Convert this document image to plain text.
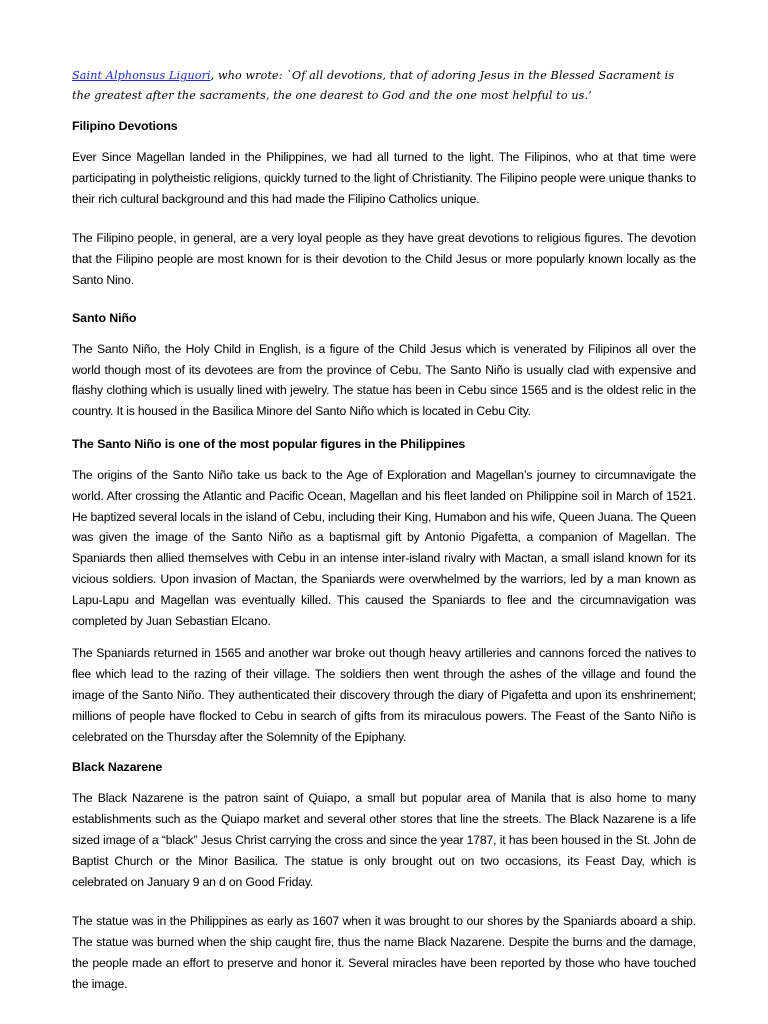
Saint Alphonsus Liguori, who wrote: `Of all devotions, that of adoring Jesus in the Blessed Sacrament is the greatest after the sacraments, the one dearest to God and the one most helpful to us.’
Filipino Devotions

Ever Since Magellan landed in the Philippines, we had all turned to the light. The Filipinos, who at that time were participating in polytheistic religions, quickly turned to the light of Christianity. The Filipino people were unique thanks to their rich cultural background and this had made the Filipino Catholics unique.

The Filipino people, in general, are a very loyal people as they have great devotions to religious figures. The devotion that the Filipino people are most known for is their devotion to the Child Jesus or more popularly known locally as the Santo Nino.

Santo Niño

The Santo Niño, the Holy Child in English, is a figure of the Child Jesus which is venerated by Filipinos all over the world though most of its devotees are from the province of Cebu. The Santo Niño is usually clad with expensive and flashy clothing which is usually lined with jewelry. The statue has been in Cebu since 1565 and is the oldest relic in the country. It is housed in the Basilica Minore del Santo Niño which is located in Cebu City.

The Santo Niño is one of the most popular figures in the Philippines

The origins of the Santo Niño take us back to the Age of Exploration and Magellan’s journey to circumnavigate the world. After crossing the Atlantic and Pacific Ocean, Magellan and his fleet landed on Philippine soil in March of 1521. He baptized several locals in the island of Cebu, including their King, Humabon and his wife, Queen Juana. The Queen was given the image of the Santo Niño as a baptismal gift by Antonio Pigafetta, a companion of Magellan. The Spaniards then allied themselves with Cebu in an intense inter-island rivalry with Mactan, a small island known for its vicious soldiers. Upon invasion of Mactan, the Spaniards were overwhelmed by the warriors, led by a man known as Lapu-Lapu and Magellan was eventually killed. This caused the Spaniards to flee and the circumnavigation was completed by Juan Sebastian Elcano.

The Spaniards returned in 1565 and another war broke out though heavy artilleries and cannons forced the natives to flee which lead to the razing of their village. The soldiers then went through the ashes of the village and found the image of the Santo Niño. They authenticated their discovery through the diary of Pigafetta and upon its enshrinement; millions of people have flocked to Cebu in search of gifts from its miraculous powers. The Feast of the Santo Niño is celebrated on the Thursday after the Solemnity of the Epiphany.

Black Nazarene

The Black Nazarene is the patron saint of Quiapo, a small but popular area of Manila that is also home to many establishments such as the Quiapo market and several other stores that line the streets. The Black Nazarene is a life sized image of a “black” Jesus Christ carrying the cross and since the year 1787, it has been housed in the St. John de Baptist Church or the Minor Basilica. The statue is only brought out on two occasions, its Feast Day, which is celebrated on January 9 an d on Good Friday.

The statue was in the Philippines as early as 1607 when it was brought to our shores by the Spaniards aboard a ship. The statue was burned when the ship caught fire, thus the name Black Nazarene. Despite the burns and the damage, the people made an effort to preserve and honor it. Several miracles have been reported by those who have touched the image.
